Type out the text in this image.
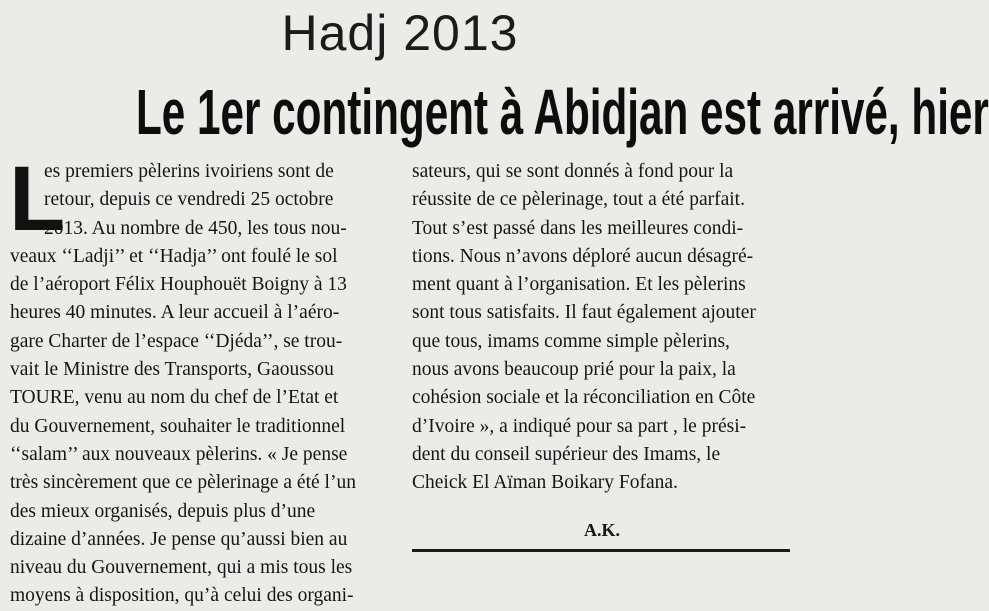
Hadj 2013
Le 1er contingent à Abidjan est arrivé, hier
L
es premiers pèlerins ivoiriens sont de
retour, depuis ce vendredi 25 octobre
2013. Au nombre de 450, les tous nou-
veaux ‘‘Ladji’’ et ‘‘Hadja’’ ont foulé le sol
de l’aéroport Félix Houphouët Boigny à 13
heures 40 minutes. A leur accueil à l’aéro-
gare Charter de l’espace ‘‘Djéda’’, se trou-
vait le Ministre des Transports, Gaoussou
TOURE, venu au nom du chef de l’Etat et
du Gouvernement, souhaiter le traditionnel
‘‘salam’’ aux nouveaux pèlerins. « Je pense
très sincèrement que ce pèlerinage a été l’un
des mieux organisés, depuis plus d’une
dizaine d’années. Je pense qu’aussi bien au
niveau du Gouvernement, qui a mis tous les
moyens à disposition, qu’à celui des organi-
sateurs, qui se sont donnés à fond pour la
réussite de ce pèlerinage, tout a été parfait.
Tout s’est passé dans les meilleures condi-
tions. Nous n’avons déploré aucun désagré-
ment quant à l’organisation. Et les pèlerins
sont tous satisfaits. Il faut également ajouter
que tous, imams comme simple pèlerins,
nous avons beaucoup prié pour la paix, la
cohésion sociale et la réconciliation en Côte
d’Ivoire », a indiqué pour sa part , le prési-
dent du conseil supérieur des Imams, le
Cheick El Aïman Boikary Fofana.
A.K.
